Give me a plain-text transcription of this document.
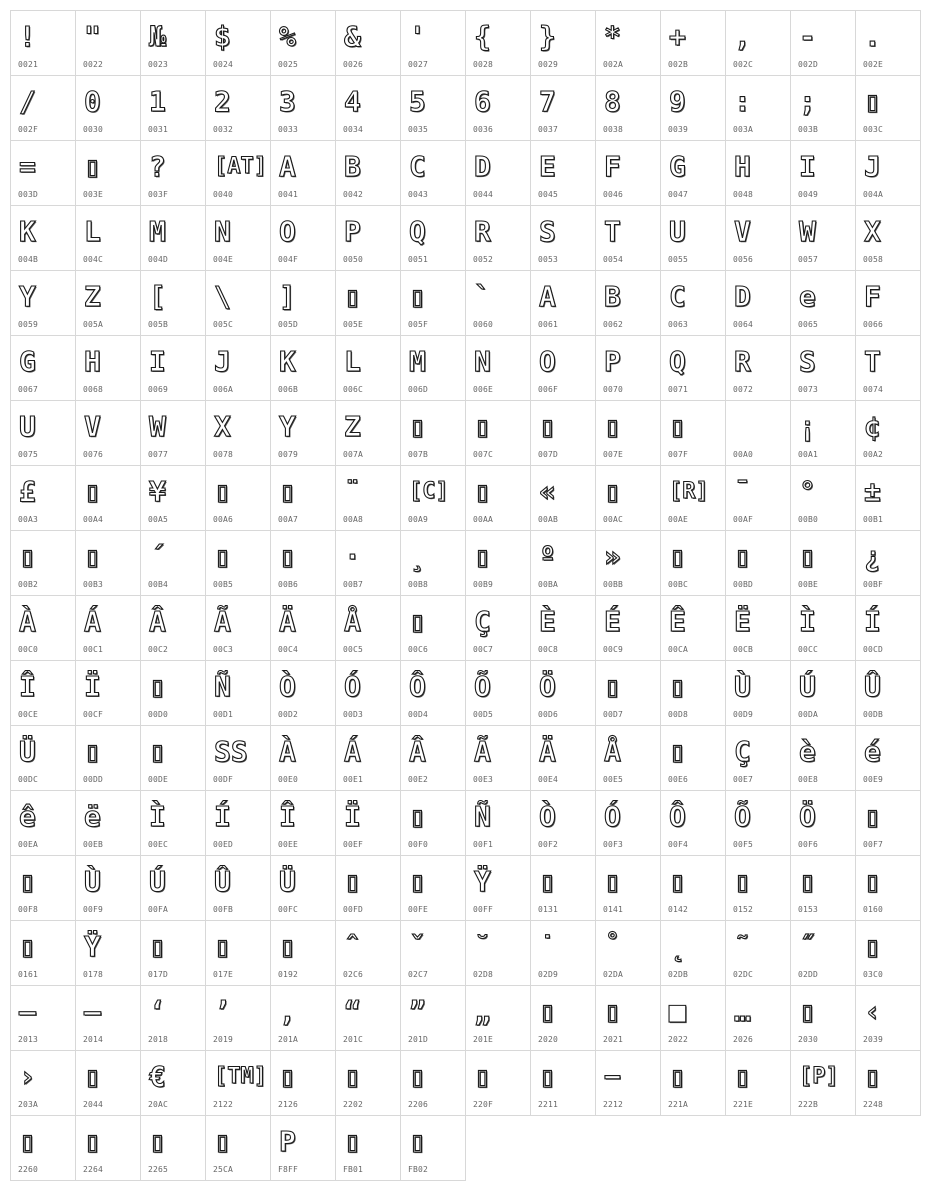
!
0021
"
0022
№
0023
$
0024
%
0025
&
0026
'
0027
{
0028
}
0029
*
002A
+
002B
,
002C
-
002D
.
002E
/
002F
0
0030
1
0031
2
0032
3
0033
4
0034
5
0035
6
0036
7
0037
8
0038
9
0039
:
003A
;
003B
▯
003C
=
003D
▯
003E
?
003F
[AT]
0040
A
0041
B
0042
C
0043
D
0044
E
0045
F
0046
G
0047
H
0048
I
0049
J
004A
K
004B
L
004C
M
004D
N
004E
O
004F
P
0050
Q
0051
R
0052
S
0053
T
0054
U
0055
V
0056
W
0057
X
0058
Y
0059
Z
005A
[
005B
\
005C
]
005D
▯
005E
▯
005F
`
0060
A
0061
B
0062
C
0063
D
0064
e
0065
F
0066
G
0067
H
0068
I
0069
J
006A
K
006B
L
006C
M
006D
N
006E
O
006F
P
0070
Q
0071
R
0072
S
0073
T
0074
U
0075
V
0076
W
0077
X
0078
Y
0079
Z
007A
▯
007B
▯
007C
▯
007D
▯
007E
▯
007F	00A0
¡
00A1
¢
00A2
£
00A3
▯
00A4
¥
00A5
▯
00A6
▯
00A7
¨
00A8
[C]
00A9
▯
00AA
«
00AB
▯
00AC
[R]
00AE
¯
00AF
°
00B0
±
00B1
▯
00B2
▯
00B3
´
00B4
▯
00B5
▯
00B6
·
00B7
¸
00B8
▯
00B9
º
00BA
»
00BB
▯
00BC
▯
00BD
▯
00BE
¿
00BF
À
00C0
Á
00C1
Â
00C2
Ã
00C3
Ä
00C4
Å
00C5
▯
00C6
Ç
00C7
È
00C8
É
00C9
Ê
00CA
Ë
00CB
Ì
00CC
Í
00CD
Î
00CE
Ï
00CF
▯
00D0
Ñ
00D1
Ò
00D2
Ó
00D3
Ô
00D4
Õ
00D5
Ö
00D6
▯
00D7
▯
00D8
Ù
00D9
Ú
00DA
Û
00DB
Ü
00DC
▯
00DD
▯
00DE
SS
00DF
À
00E0
Á
00E1
Â
00E2
Ã
00E3
Ä
00E4
Å
00E5
▯
00E6
Ç
00E7
è
00E8
é
00E9
ê
00EA
ë
00EB
Ì
00EC
Í
00ED
Î
00EE
Ï
00EF
▯
00F0
Ñ
00F1
Ò
00F2
Ó
00F3
Ô
00F4
Õ
00F5
Ö
00F6
▯
00F7
▯
00F8
Ù
00F9
Ú
00FA
Û
00FB
Ü
00FC
▯
00FD
▯
00FE
Ÿ
00FF
▯
0131
▯
0141
▯
0142
▯
0152
▯
0153
▯
0160
▯
0161
Ÿ
0178
▯
017D
▯
017E
▯
0192
ˆ
02C6
ˇ
02C7
˘
02D8
˙
02D9
˚
02DA
˛
02DB
˜
02DC
˝
02DD
▯
03C0
–
2013
—
2014
‘
2018
’
2019
‚
201A
“
201C
”
201D
„
201E
▯
2020
▯
2021
■
2022
…
2026
▯
2030
‹
2039
›
203A
▯
2044
€
20AC
[TM]
2122
▯
2126
▯
2202
▯
2206
▯
220F
▯
2211
−
2212
▯
221A
▯
221E
[P]
222B
▯
2248
▯
2260
▯
2264
▯
2265
▯
25CA
P
F8FF
▯
FB01
▯
FB02
